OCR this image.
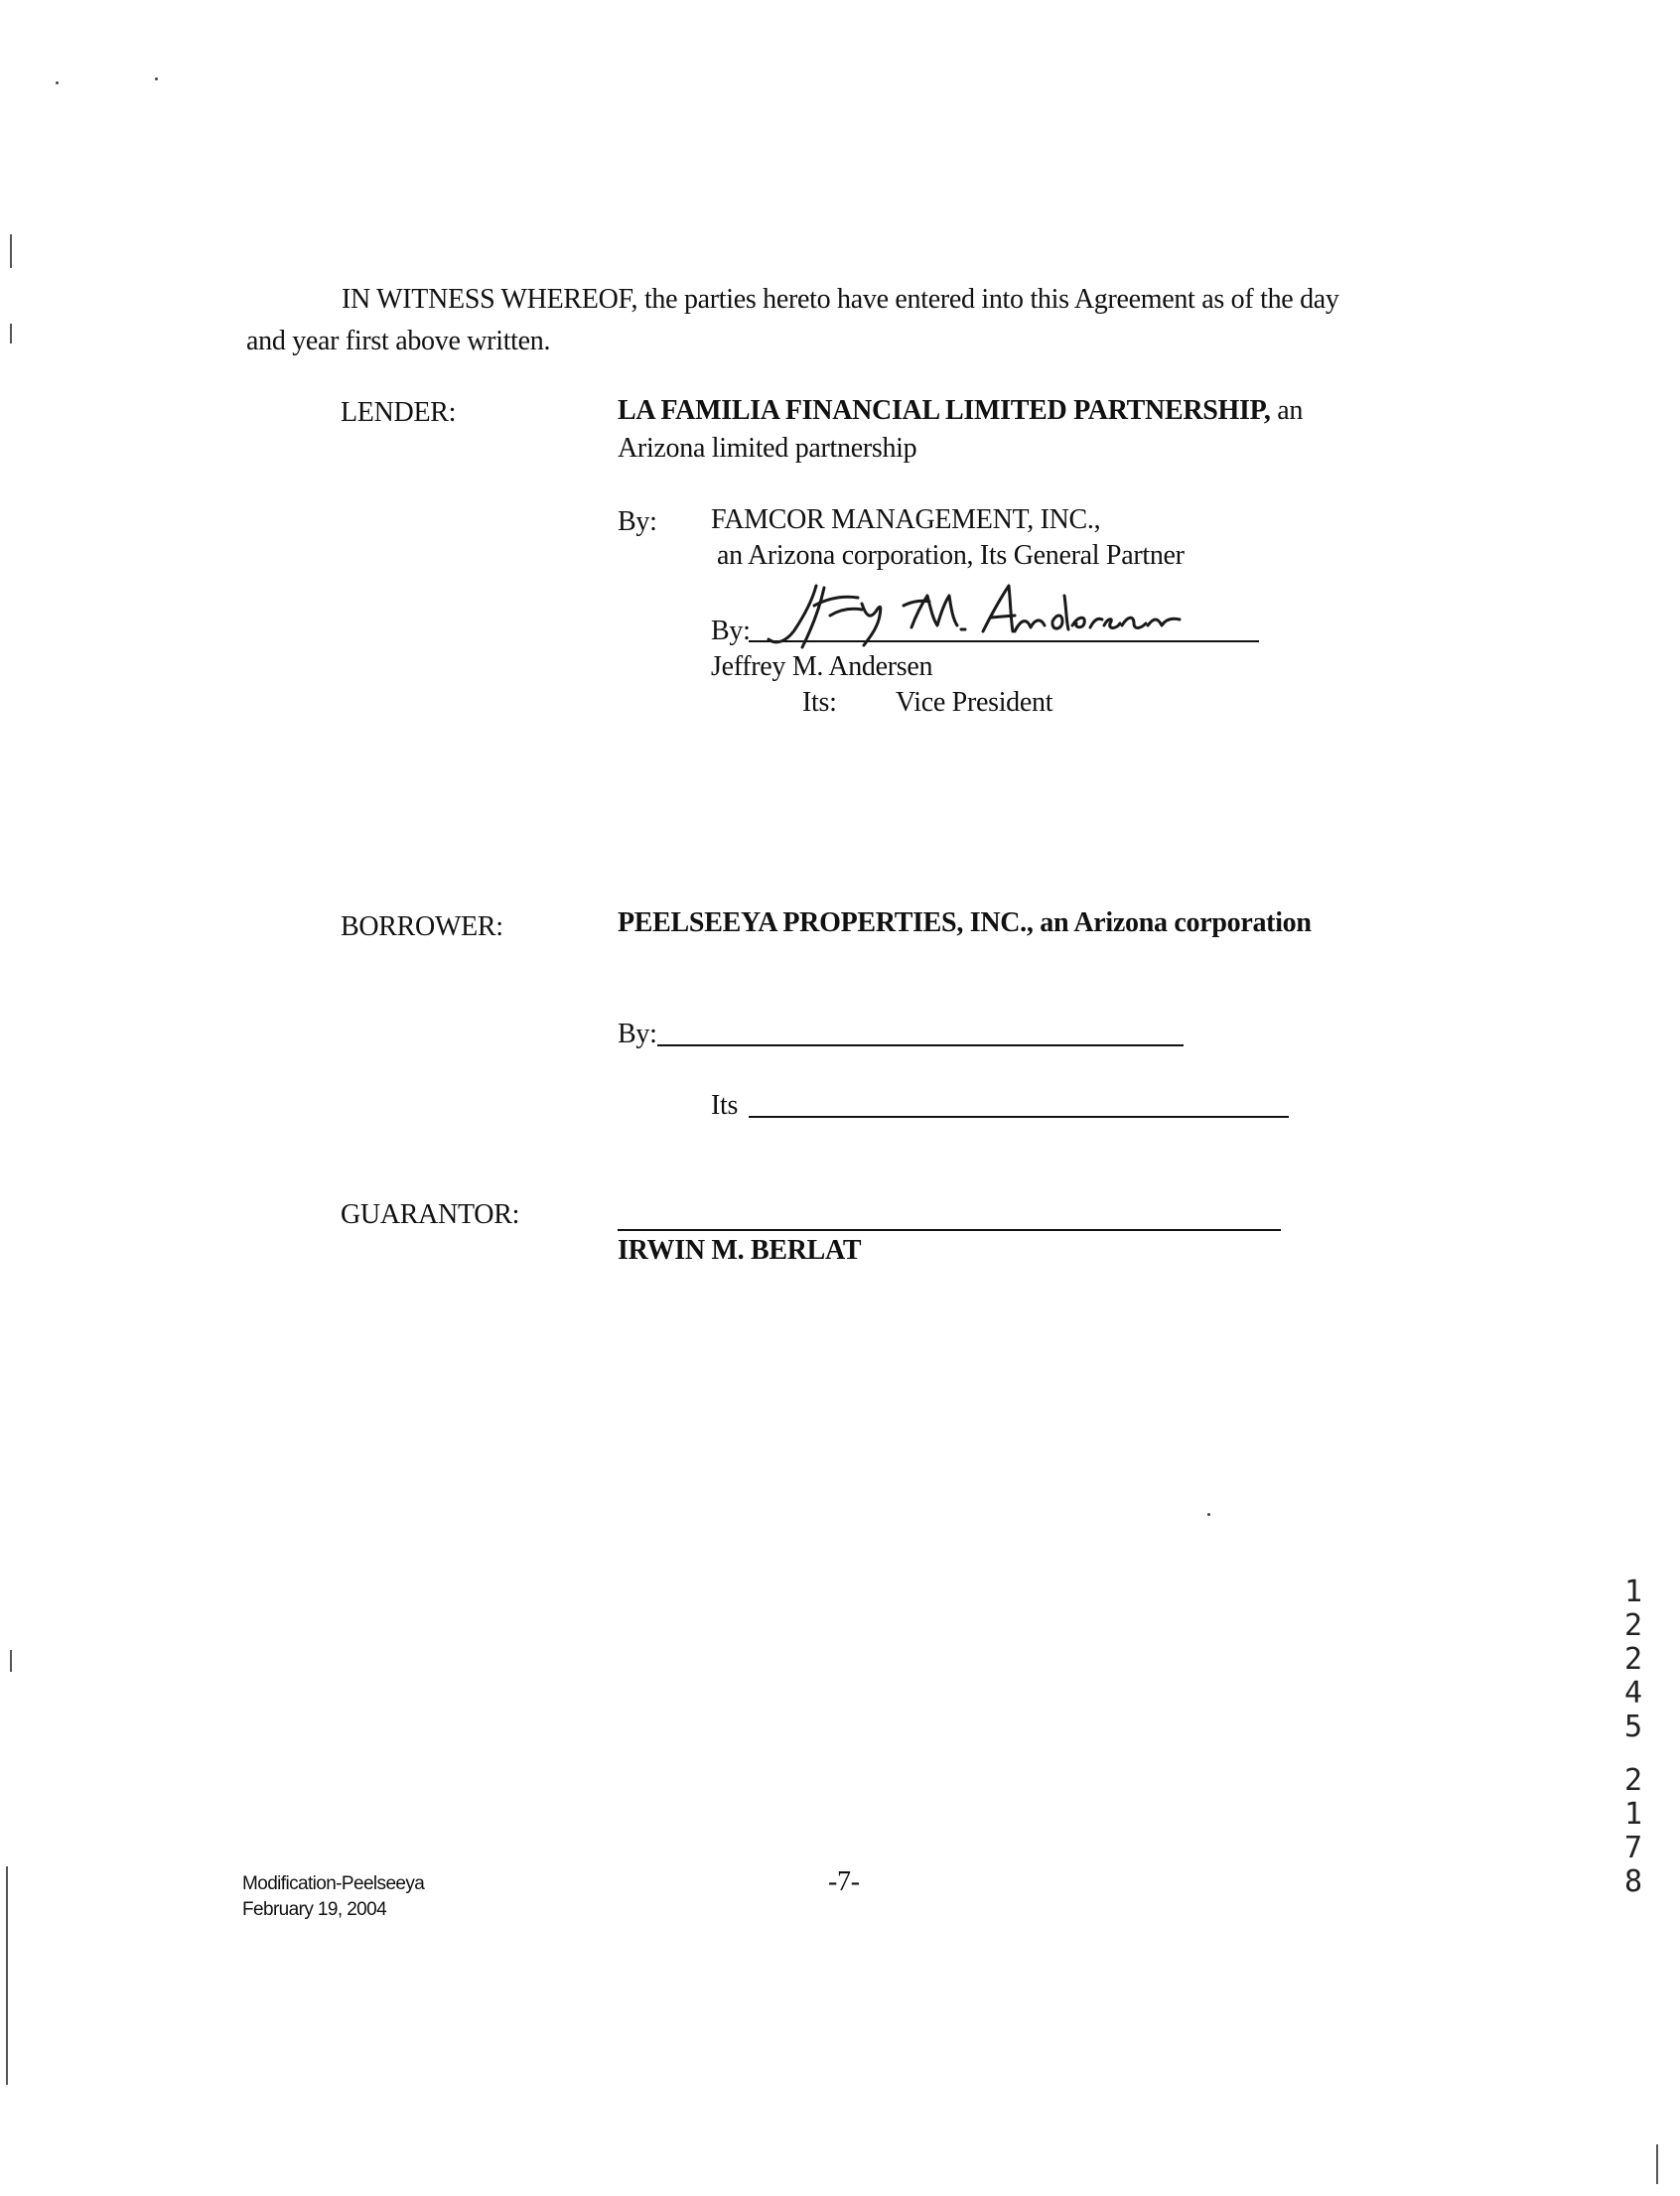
IN WITNESS WHEREOF, the parties hereto have entered into this Agreement as of the day
and year first above written.
LENDER:	LA FAMILIA FINANCIAL LIMITED PARTNERSHIP, an
Arizona limited partnership
By: FAMCOR MANAGEMENT, INC.,
an Arizona corporation, Its General Partner
By:
Jeffrey M. Andersen
Its: Vice President
BORROWER:	PEELSEEYA PROPERTIES, INC., an Arizona corporation
By:
Its
GUARANTOR:
IRWIN M. BERLAT
Modification-Peelseeya
February 19, 2004
-7-
1
2
2
4
5
2
1
7
8
